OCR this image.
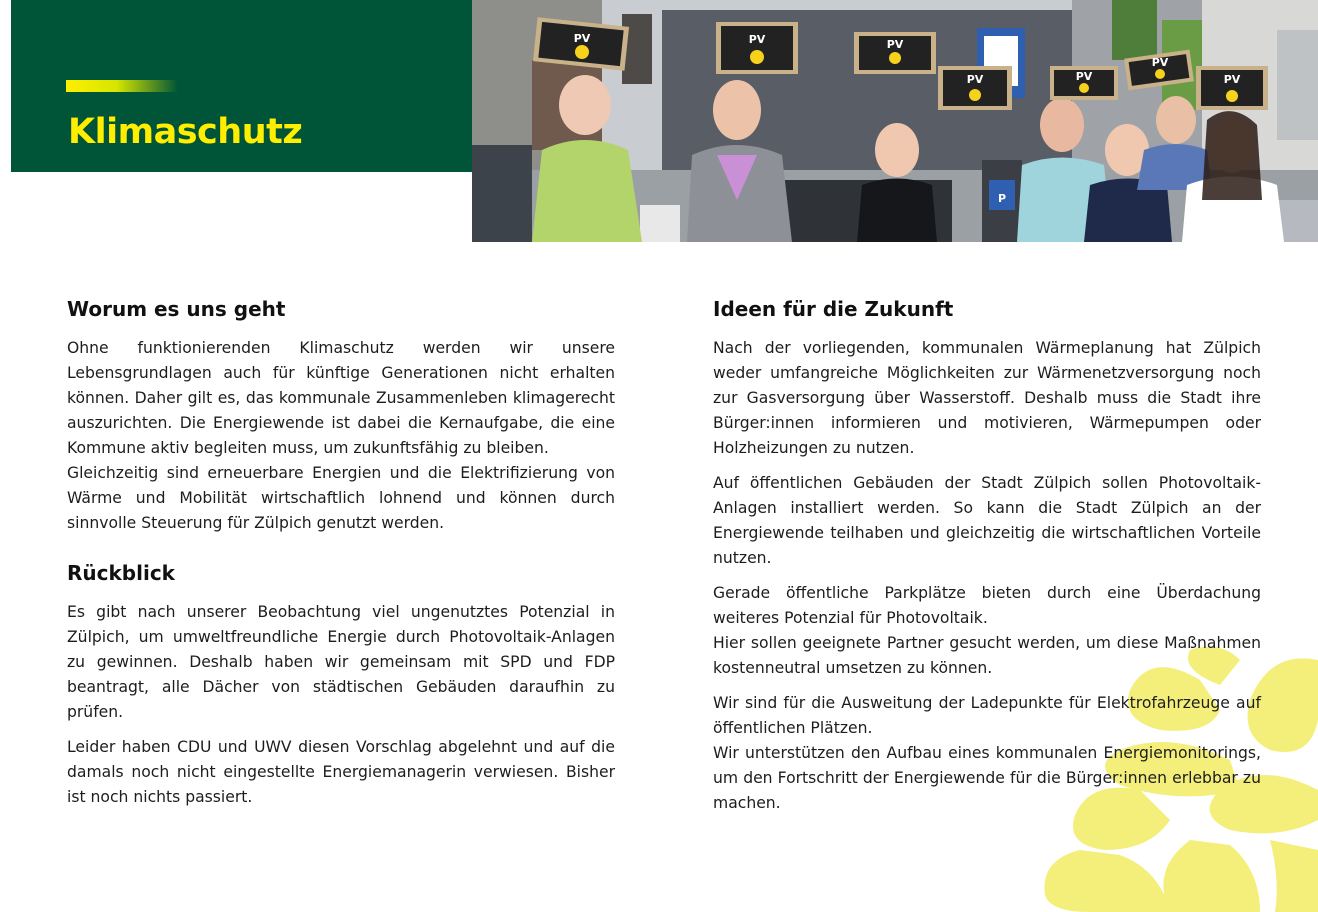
Klimaschutz
P
PV	PV	PV
PV	PV
PV
PV
Worum es uns geht

Ohne funktionierenden Klimaschutz werden wir unsere Lebensgrundlagen auch für künftige Generationen nicht erhalten können. Daher gilt es, das kommunale Zusammenleben klimagerecht auszurichten. Die Energiewende ist dabei die Kernaufgabe, die eine Kommune aktiv begleiten muss, um zukunftsfähig zu bleiben.

Gleichzeitig sind erneuerbare Energien und die Elektrifizierung von Wärme und Mobilität wirtschaftlich lohnend und können durch sinnvolle Steuerung für Zülpich genutzt werden.

Rückblick

Es gibt nach unserer Beobachtung viel ungenutztes Potenzial in Zülpich, um umweltfreundliche Energie durch Photovoltaik-Anlagen zu gewinnen. Deshalb haben wir gemeinsam mit SPD und FDP beantragt, alle Dächer von städtischen Gebäuden daraufhin zu prüfen.

Leider haben CDU und UWV diesen Vorschlag abgelehnt und auf die damals noch nicht eingestellte Energiemanagerin verwiesen. Bisher ist noch nichts passiert.

Ideen für die Zukunft

Nach der vorliegenden, kommunalen Wärmeplanung hat Zülpich weder umfangreiche Möglichkeiten zur Wärmenetzversorgung noch zur Gasversorgung über Wasserstoff. Deshalb muss die Stadt ihre Bürger:innen informieren und motivieren, Wärmepumpen oder Holzheizungen zu nutzen.

Auf öffentlichen Gebäuden der Stadt Zülpich sollen Photovoltaik-Anlagen installiert werden. So kann die Stadt Zülpich an der Energiewende teilhaben und gleichzeitig die wirtschaftlichen Vorteile nutzen.

Gerade öffentliche Parkplätze bieten durch eine Überdachung weiteres Potenzial für Photovoltaik.

Hier sollen geeignete Partner gesucht werden, um diese Maßnahmen kostenneutral umsetzen zu können.

Wir sind für die Ausweitung der Ladepunkte für Elektrofahrzeuge auf öffentlichen Plätzen.

Wir unterstützen den Aufbau eines kommunalen Energiemonitorings, um den Fortschritt der Energiewende für die Bürger:innen erlebbar zu machen.
